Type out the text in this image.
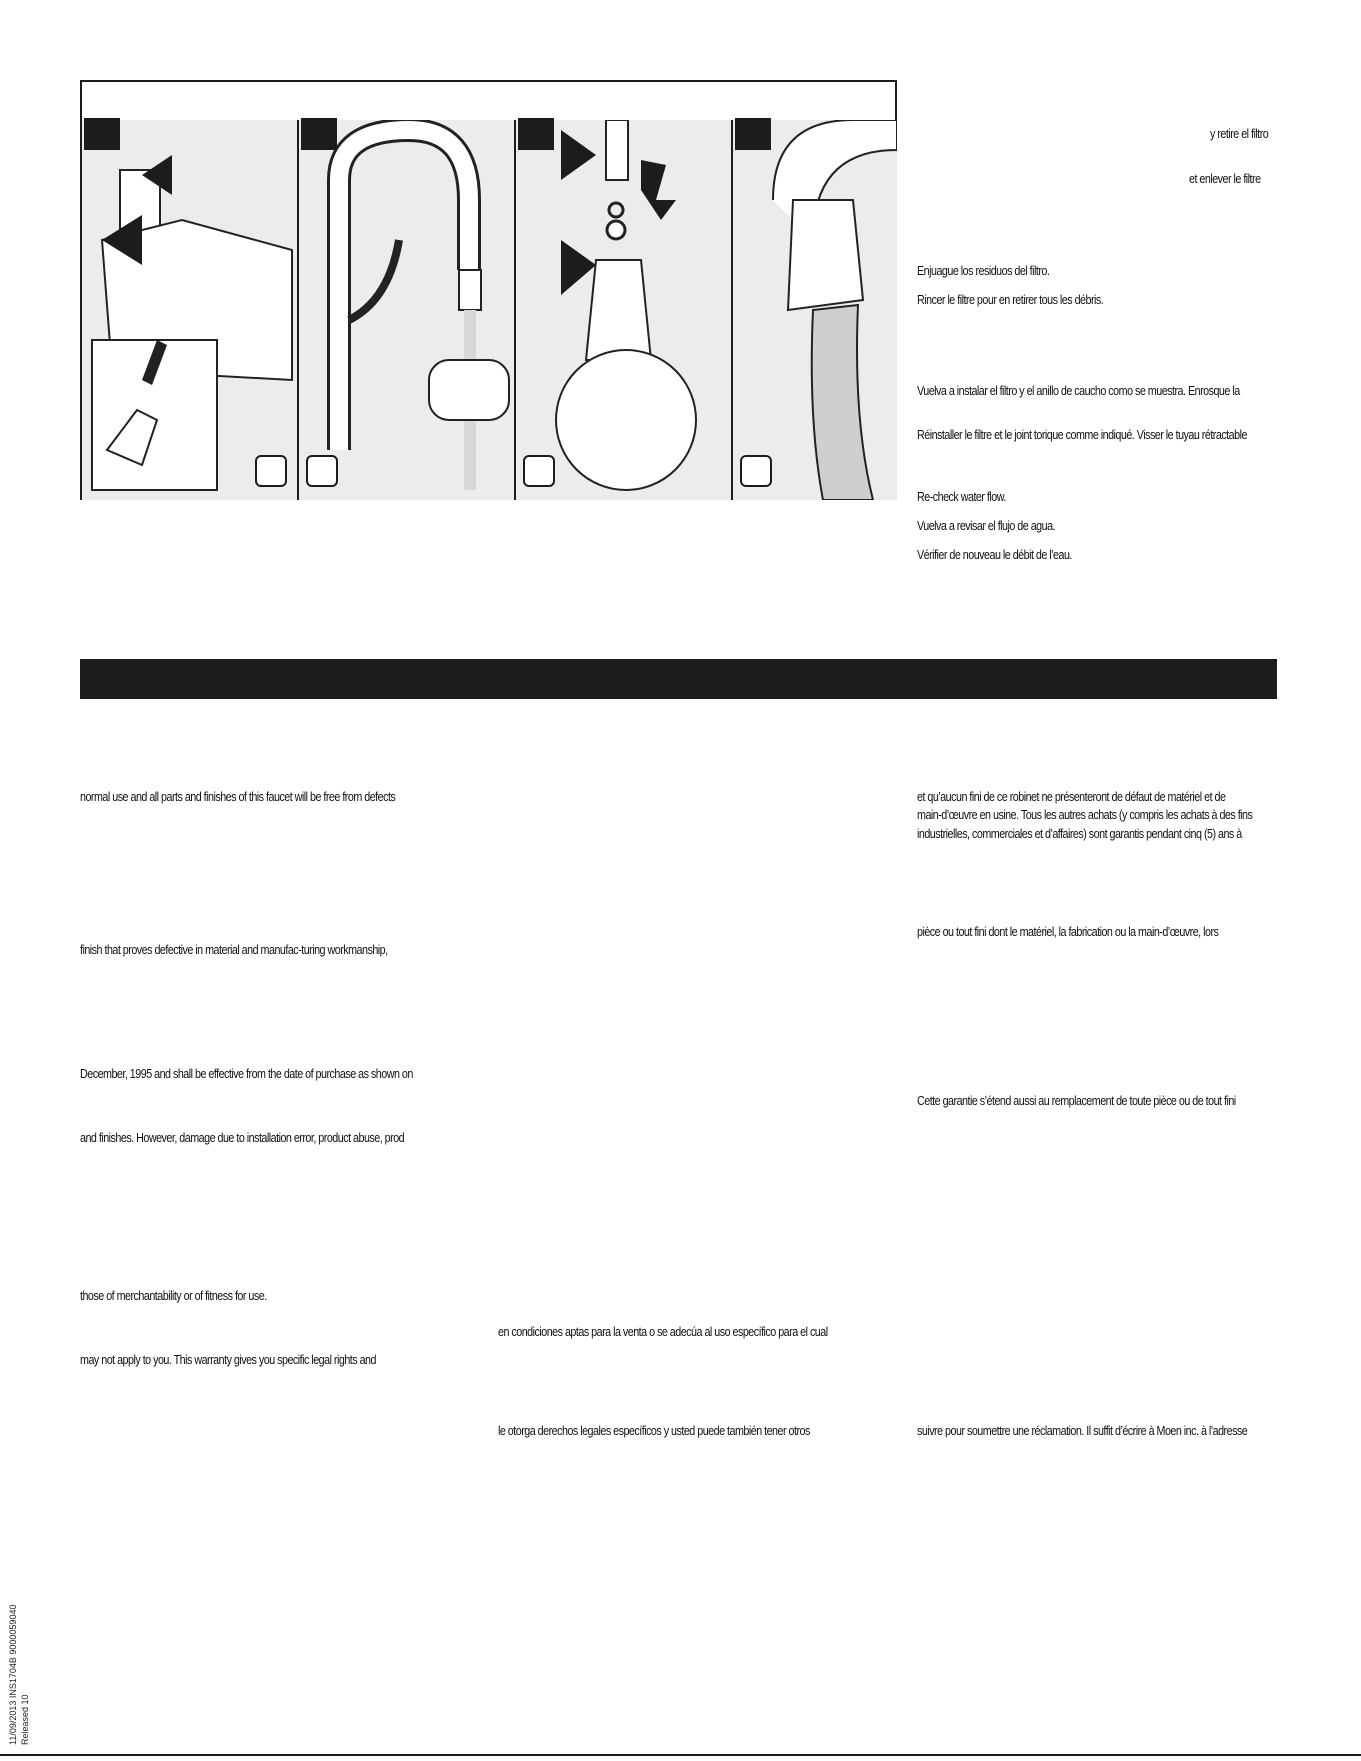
y retire el filtro
et enlever le filtre
Enjuague los residuos del filtro.
Rincer le filtre pour en retirer tous les débris.
Vuelva a instalar el filtro y el anillo de caucho como se muestra. Enrosque la
Réinstaller le filtre et le joint torique comme indiqué. Visser le tuyau rétractable
Re-check water flow.
Vuelva a revisar el flujo de agua.
Vérifier de nouveau le débit de l’eau.
normal use and all parts and finishes of this faucet will be free from defects
finish that proves defective in material and manufac-turing workmanship,
December, 1995 and shall be effective from the date of purchase as shown on
and finishes. However, damage due to installation error, product abuse, prod
those of merchantability or of fitness for use.
may not apply to you. This warranty gives you specific legal rights and
en condiciones aptas para la venta o se adecúa al uso específico para el cual
le otorga derechos legales específicos y usted puede también tener otros
et qu’aucun fini de ce robinet ne présenteront de défaut de matériel et de
main-d’œuvre en usine. Tous les autres achats (y compris les achats à des fins
industrielles, commerciales et d’affaires) sont garantis pendant cinq (5) ans à
pièce ou tout fini dont le matériel, la fabrication ou la main-d’œuvre, lors
Cette garantie s’étend aussi au remplacement de toute pièce ou de tout fini
suivre pour soumettre une réclamation. Il suffit d’écrire à Moen inc. à l’adresse
11/09/2013 INS1704B 9000059040 Released 10
